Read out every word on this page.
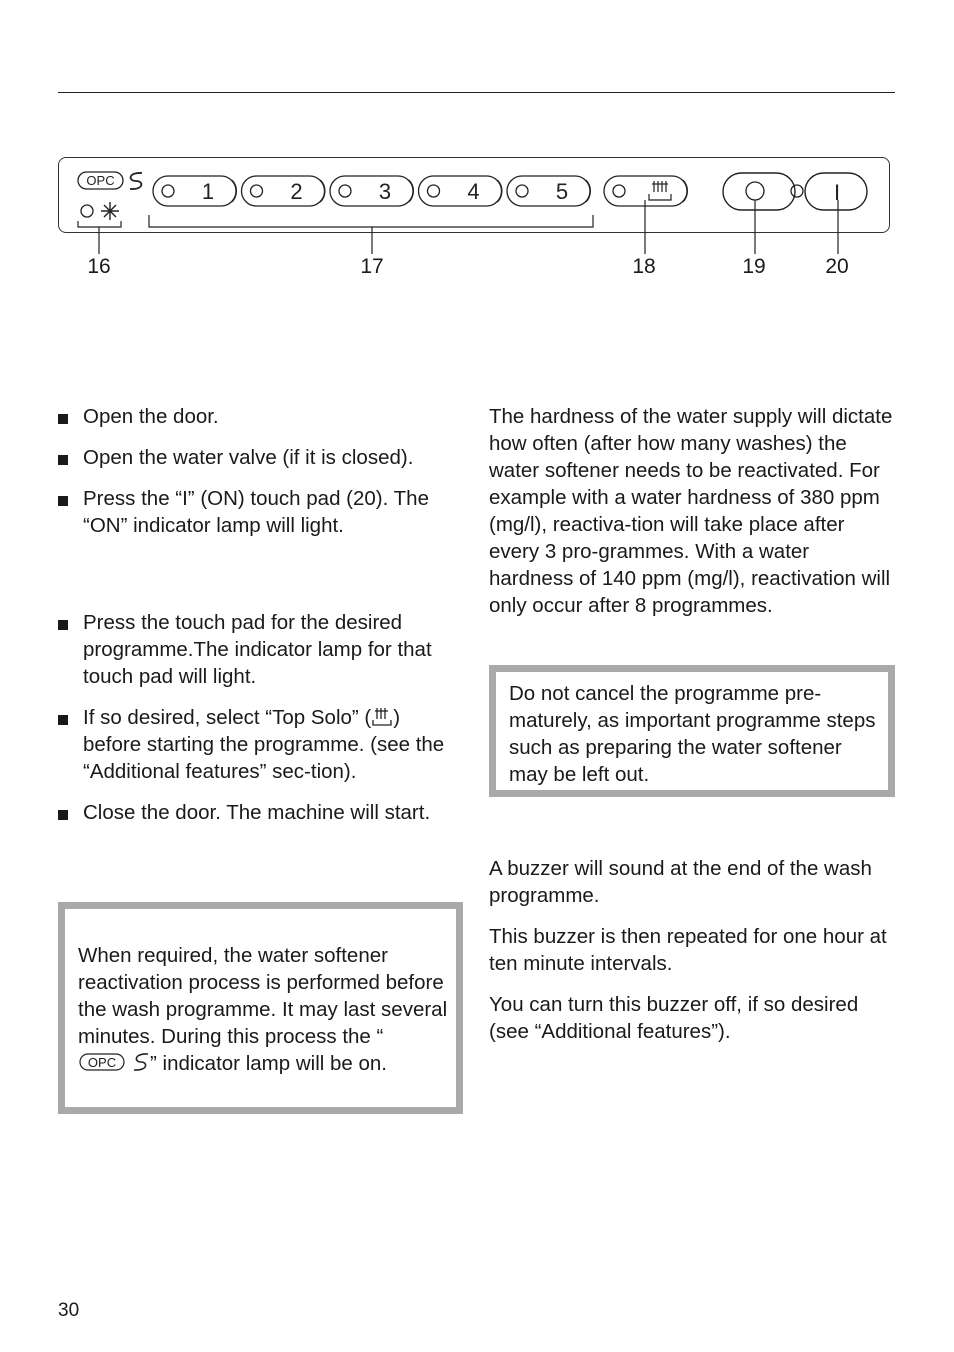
OPC	1	2	3	4	5	I
16	17	18	19	20

Open the door.

Open the water valve (if it is closed).

Press the “I” (ON) touch pad (20). The “ON” indicator lamp will light.

Press the touch pad for the desired programme.The indicator lamp for that touch pad will light.

If so desired, select “Top Solo” ( ) before starting the programme. (see the “Additional features” sec-tion).

Close the door. The machine will start.

When required, the water softener reactivation process is performed before the wash programme. It may last several minutes. During this process the “
OPC ” indicator lamp will be on.

The hardness of the water supply will dictate how often (after how many washes) the water softener needs to be reactivated. For example with a water hardness of 380 ppm (mg/l), reactiva-tion will take place after every 3 pro-grammes. With a water hardness of 140 ppm (mg/l), reactivation will only occur after 8 programmes.

Do not cancel the programme pre-maturely, as important programme steps such as preparing the water softener may be left out.

A buzzer will sound at the end of the wash programme.

This buzzer is then repeated for one hour at ten minute intervals.

You can turn this buzzer off, if so desired (see “Additional features”).

30
